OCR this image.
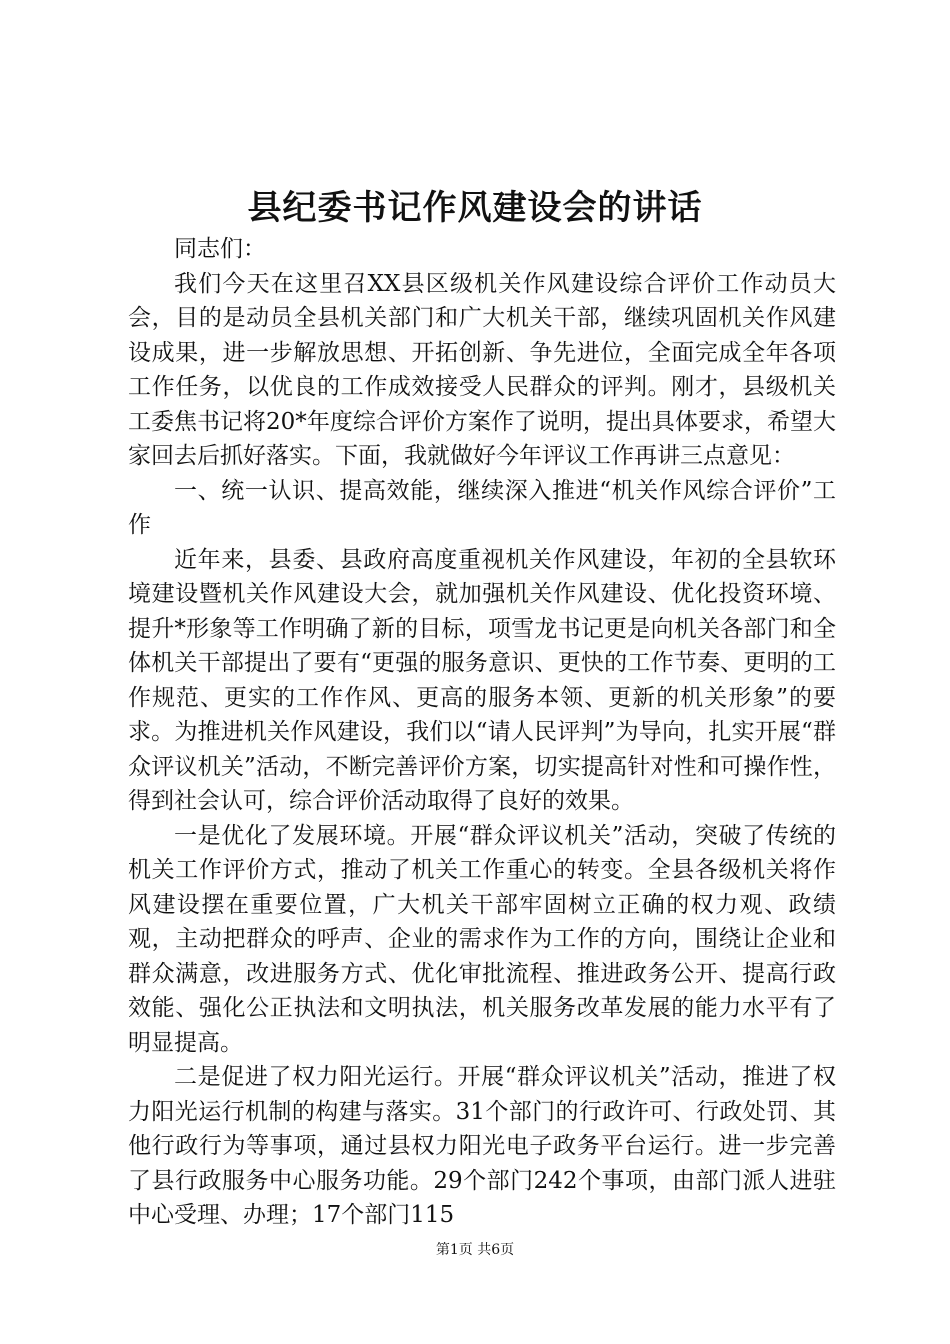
县纪委书记作风建设会的讲话

同志们：

我们今天在这里召XX县区级机关作风建设综合评价工作动员大会，目的是动员全县机关部门和广大机关干部，继续巩固机关作风建设成果，进一步解放思想、开拓创新、争先进位，全面完成全年各项工作任务，以优良的工作成效接受人民群众的评判。刚才，县级机关工委焦书记将20*年度综合评价方案作了说明，提出具体要求，希望大家回去后抓好落实。下面，我就做好今年评议工作再讲三点意见：

一、统一认识、提高效能，继续深入推进“机关作风综合评价”工作

近年来，县委、县政府高度重视机关作风建设，年初的全县软环境建设暨机关作风建设大会，就加强机关作风建设、优化投资环境、提升*形象等工作明确了新的目标，项雪龙书记更是向机关各部门和全体机关干部提出了要有“更强的服务意识、更快的工作节奏、更明的工作规范、更实的工作作风、更高的服务本领、更新的机关形象”的要求。为推进机关作风建设，我们以“请人民评判”为导向，扎实开展“群众评议机关”活动，不断完善评价方案，切实提高针对性和可操作性，得到社会认可，综合评价活动取得了良好的效果。

一是优化了发展环境。开展“群众评议机关”活动，突破了传统的机关工作评价方式，推动了机关工作重心的转变。全县各级机关将作风建设摆在重要位置，广大机关干部牢固树立正确的权力观、政绩观，主动把群众的呼声、企业的需求作为工作的方向，围绕让企业和群众满意，改进服务方式、优化审批流程、推进政务公开、提高行政效能、强化公正执法和文明执法，机关服务改革发展的能力水平有了明显提高。

二是促进了权力阳光运行。开展“群众评议机关”活动，推进了权力阳光运行机制的构建与落实。31个部门的行政许可、行政处罚、其他行政行为等事项，通过县权力阳光电子政务平台运行。进一步完善了县行政服务中心服务功能。29个部门242个事项，由部门派人进驻中心受理、办理；17个部门115

第1页 共6页
